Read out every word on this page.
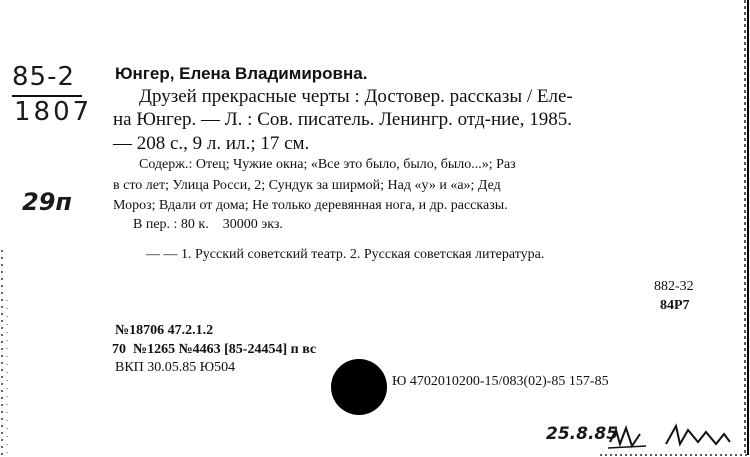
85-2
1807
29п
Юнгер, Елена Владимировна.
Друзей прекрасные черты : Достовер. рассказы / Еле-
на Юнгер. — Л. : Сов. писатель. Ленингр. отд-ние, 1985.
— 208 с., 9 л. ил.; 17 см.
Содерж.: Отец; Чужие окна; «Все это было, было, было...»; Раз
в сто лет; Улица Росси, 2; Сундук за ширмой; Над «у» и «а»; Дед
Мороз; Вдали от дома; Не только деревянная нога, и др. рассказы.
В пер. : 80 к.    30000 экз.
— — 1. Русский советский театр. 2. Русская советская литература.
882-32
84Р7
№18706 47.2.1.2
70 №1265 №4463 [85-24454] п вс
ВКП 30.05.85 Ю504
Ю 4702010200-15/083(02)-85 157-85
25.8.85
